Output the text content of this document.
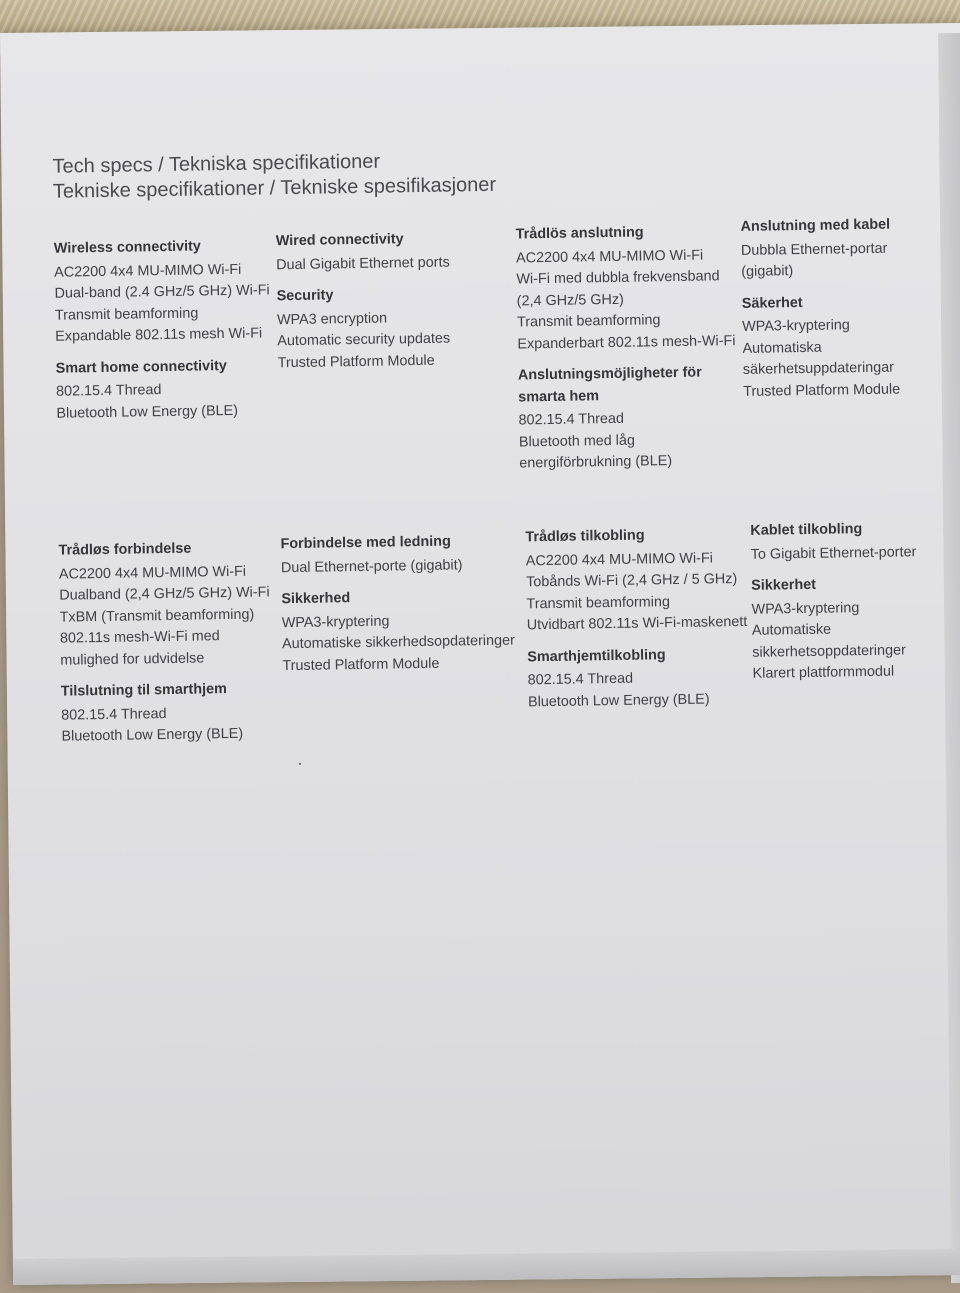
Tech specs / Tekniska specifikationer
Tekniske specifikationer / Tekniske spesifikasjoner
Wireless connectivity
AC2200 4x4 MU-MIMO Wi-Fi
Dual-band (2.4 GHz/5 GHz) Wi-Fi
Transmit beamforming
Expandable 802.11s mesh Wi-Fi
Smart home connectivity
802.15.4 Thread
Bluetooth Low Energy (BLE)
Wired connectivity
Dual Gigabit Ethernet ports
Security
WPA3 encryption
Automatic security updates
Trusted Platform Module
Trådlös anslutning
AC2200 4x4 MU-MIMO Wi-Fi
Wi-Fi med dubbla frekvensband (2,4 GHz/5 GHz)
Transmit beamforming
Expanderbart 802.11s mesh-Wi-Fi
Anslutningsmöjligheter för smarta hem
802.15.4 Thread
Bluetooth med låg energiförbrukning (BLE)
Anslutning med kabel
Dubbla Ethernet-portar (gigabit)
Säkerhet
WPA3-kryptering
Automatiska säkerhetsuppdateringar
Trusted Platform Module
Trådløs forbindelse
AC2200 4x4 MU-MIMO Wi-Fi
Dualband (2,4 GHz/5 GHz) Wi-Fi
TxBM (Transmit beamforming)
802.11s mesh-Wi-Fi med mulighed for udvidelse
Tilslutning til smarthjem
802.15.4 Thread
Bluetooth Low Energy (BLE)
Forbindelse med ledning
Dual Ethernet-porte (gigabit)
Sikkerhed
WPA3-kryptering
Automatiske sikkerhedsopdateringer
Trusted Platform Module
Trådløs tilkobling
AC2200 4x4 MU-MIMO Wi-Fi
Tobånds Wi-Fi (2,4 GHz / 5 GHz)
Transmit beamforming
Utvidbart 802.11s Wi-Fi-maskenett
Smarthjemtilkobling
802.15.4 Thread
Bluetooth Low Energy (BLE)
Kablet tilkobling
To Gigabit Ethernet-porter
Sikkerhet
WPA3-kryptering
Automatiske sikkerhetsoppdateringer
Klarert plattformmodul
